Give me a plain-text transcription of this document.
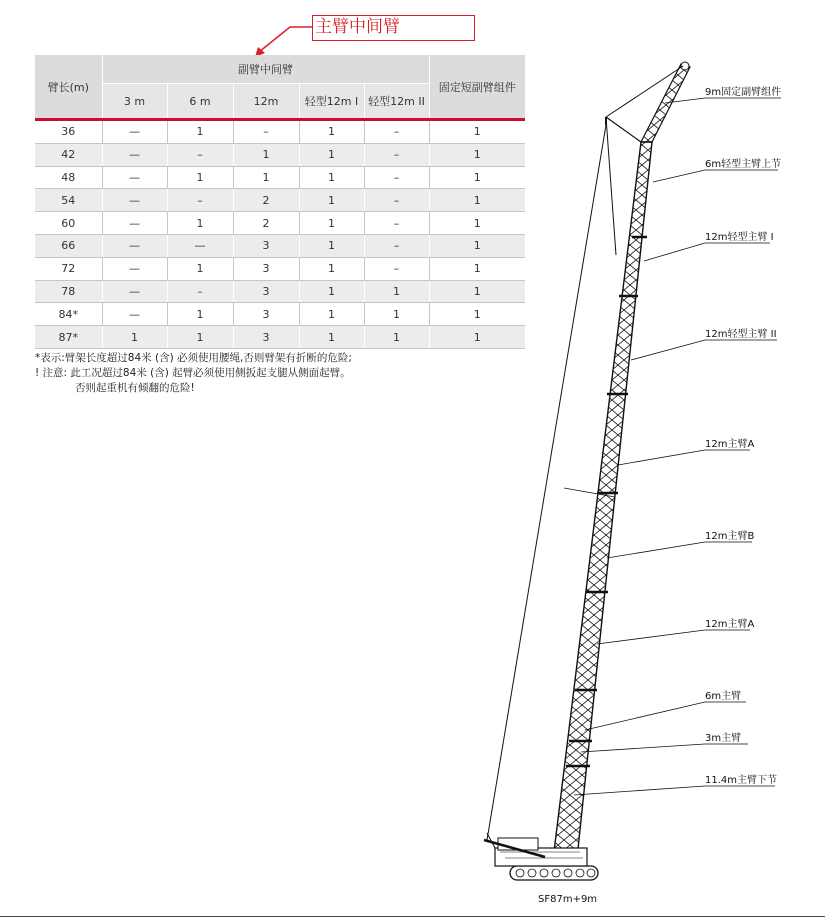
主臂中间臂
臂长(m)	副臂中间臂					固定短副臂组件
	3 m	6 m	12m	轻型12m I	轻型12m II	
36	—	1	–	1	–	1
42	—	–	1	1	–	1
48	—	1	1	1	–	1
54	—	–	2	1	–	1
60	—	1	2	1	–	1
66	—	—	3	1	–	1
72	—	1	3	1	–	1
78	—	–	3	1	1	1
84*	—	1	3	1	1	1
87*	1	1	3	1	1	1
*表示:臂架长度超过84米 (含) 必须使用腰绳,否则臂架有折断的危险;
! 注意: 此工况超过84米 (含) 起臂必须使用侧扳起支腿从侧面起臂。
否则起重机有倾翻的危险!
9m固定副臂组件
6m轻型主臂上节
12m轻型主臂 I
12m轻型主臂 II
12m主臂A
12m主臂B
12m主臂A
6m主臂
3m主臂
11.4m主臂下节
SF87m+9m
